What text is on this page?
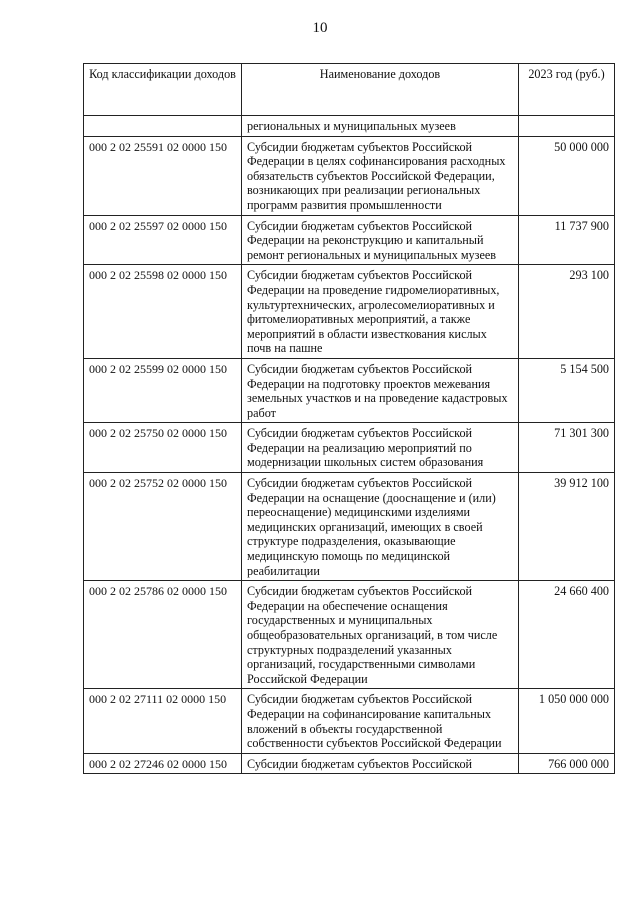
10
Код классификации доходов	Наименование доходов	2023 год (руб.)
	региональных и муниципальных музеев	
000 2 02 25591 02 0000 150	Субсидии бюджетам субъектов Российской Федерации в целях софинансирования расходных обязательств субъектов Российской Федерации, возникающих при реализации региональных программ развития промышленности	50 000 000
000 2 02 25597 02 0000 150	Субсидии бюджетам субъектов Российской Федерации на реконструкцию и капитальный ремонт региональных и муниципальных музеев	11 737 900
000 2 02 25598 02 0000 150	Субсидии бюджетам субъектов Российской Федерации на проведение гидромелиоративных, культуртехнических, агролесомелиоративных и фитомелиоративных мероприятий, а также мероприятий в области известкования кислых почв на пашне	293 100
000 2 02 25599 02 0000 150	Субсидии бюджетам субъектов Российской Федерации на подготовку проектов межевания земельных участков и на проведение кадастровых работ	5 154 500
000 2 02 25750 02 0000 150	Субсидии бюджетам субъектов Российской Федерации на реализацию мероприятий по модернизации школьных систем образования	71 301 300
000 2 02 25752 02 0000 150	Субсидии бюджетам субъектов Российской Федерации на оснащение (дооснащение и (или) переоснащение) медицинскими изделиями медицинских организаций, имеющих в своей структуре подразделения, оказывающие медицинскую помощь по медицинской реабилитации	39 912 100
000 2 02 25786 02 0000 150	Субсидии бюджетам субъектов Российской Федерации на обеспечение оснащения государственных и муниципальных общеобразовательных организаций, в том числе структурных подразделений указанных организаций, государственными символами Российской Федерации	24 660 400
000 2 02 27111 02 0000 150	Субсидии бюджетам субъектов Российской Федерации на софинансирование капитальных вложений в объекты государственной собственности субъектов Российской Федерации	1 050 000 000
000 2 02 27246 02 0000 150	Субсидии бюджетам субъектов Российской	766 000 000
